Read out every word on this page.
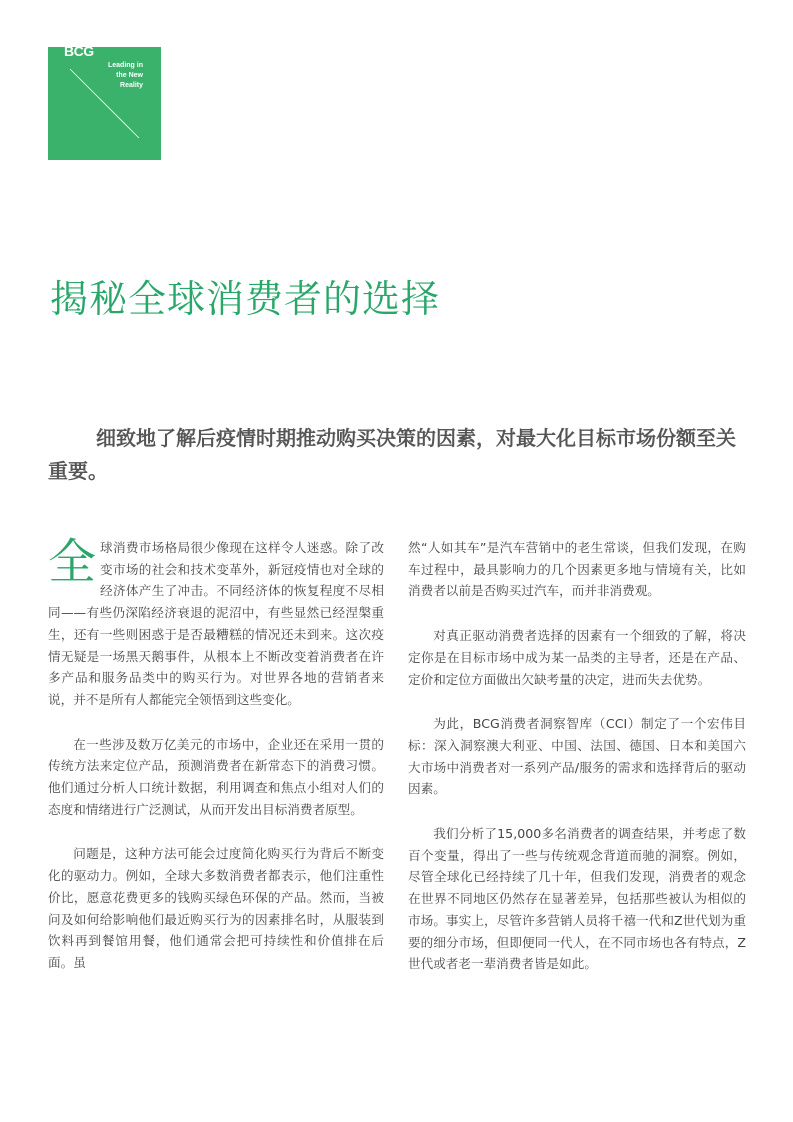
Leading in
the New
Reality
BCG
揭秘全球消费者的选择

细致地了解后疫情时期推动购买决策的因素，对最大化目标市场份额至关重要。

全球消费市场格局很少像现在这样令人迷惑。除了改变市场的社会和技术变革外，新冠疫情也对全球的经济体产生了冲击。不同经济体的恢复程度不尽相同——有些仍深陷经济衰退的泥沼中，有些显然已经涅槃重生，还有一些则困惑于是否最糟糕的情况还未到来。这次疫情无疑是一场黑天鹅事件，从根本上不断改变着消费者在许多产品和服务品类中的购买行为。对世界各地的营销者来说，并不是所有人都能完全领悟到这些变化。

在一些涉及数万亿美元的市场中，企业还在采用一贯的传统方法来定位产品，预测消费者在新常态下的消费习惯。他们通过分析人口统计数据，利用调查和焦点小组对人们的态度和情绪进行广泛测试，从而开发出目标消费者原型。

问题是，这种方法可能会过度简化购买行为背后不断变化的驱动力。例如，全球大多数消费者都表示，他们注重性价比，愿意花费更多的钱购买绿色环保的产品。然而，当被问及如何给影响他们最近购买行为的因素排名时，从服装到饮料再到餐馆用餐，他们通常会把可持续性和价值排在后面。虽

然“人如其车”是汽车营销中的老生常谈，但我们发现，在购车过程中，最具影响力的几个因素更多地与情境有关，比如消费者以前是否购买过汽车，而并非消费观。

对真正驱动消费者选择的因素有一个细致的了解，将决定你是在目标市场中成为某一品类的主导者，还是在产品、定价和定位方面做出欠缺考量的决定，进而失去优势。

为此，BCG消费者洞察智库（CCI）制定了一个宏伟目标：深入洞察澳大利亚、中国、法国、德国、日本和美国六大市场中消费者对一系列产品/服务的需求和选择背后的驱动因素。

我们分析了15,000多名消费者的调查结果，并考虑了数百个变量，得出了一些与传统观念背道而驰的洞察。例如，尽管全球化已经持续了几十年，但我们发现，消费者的观念在世界不同地区仍然存在显著差异，包括那些被认为相似的市场。事实上，尽管许多营销人员将千禧一代和Z世代划为重要的细分市场，但即便同一代人，在不同市场也各有特点，Z世代或者老一辈消费者皆是如此。
